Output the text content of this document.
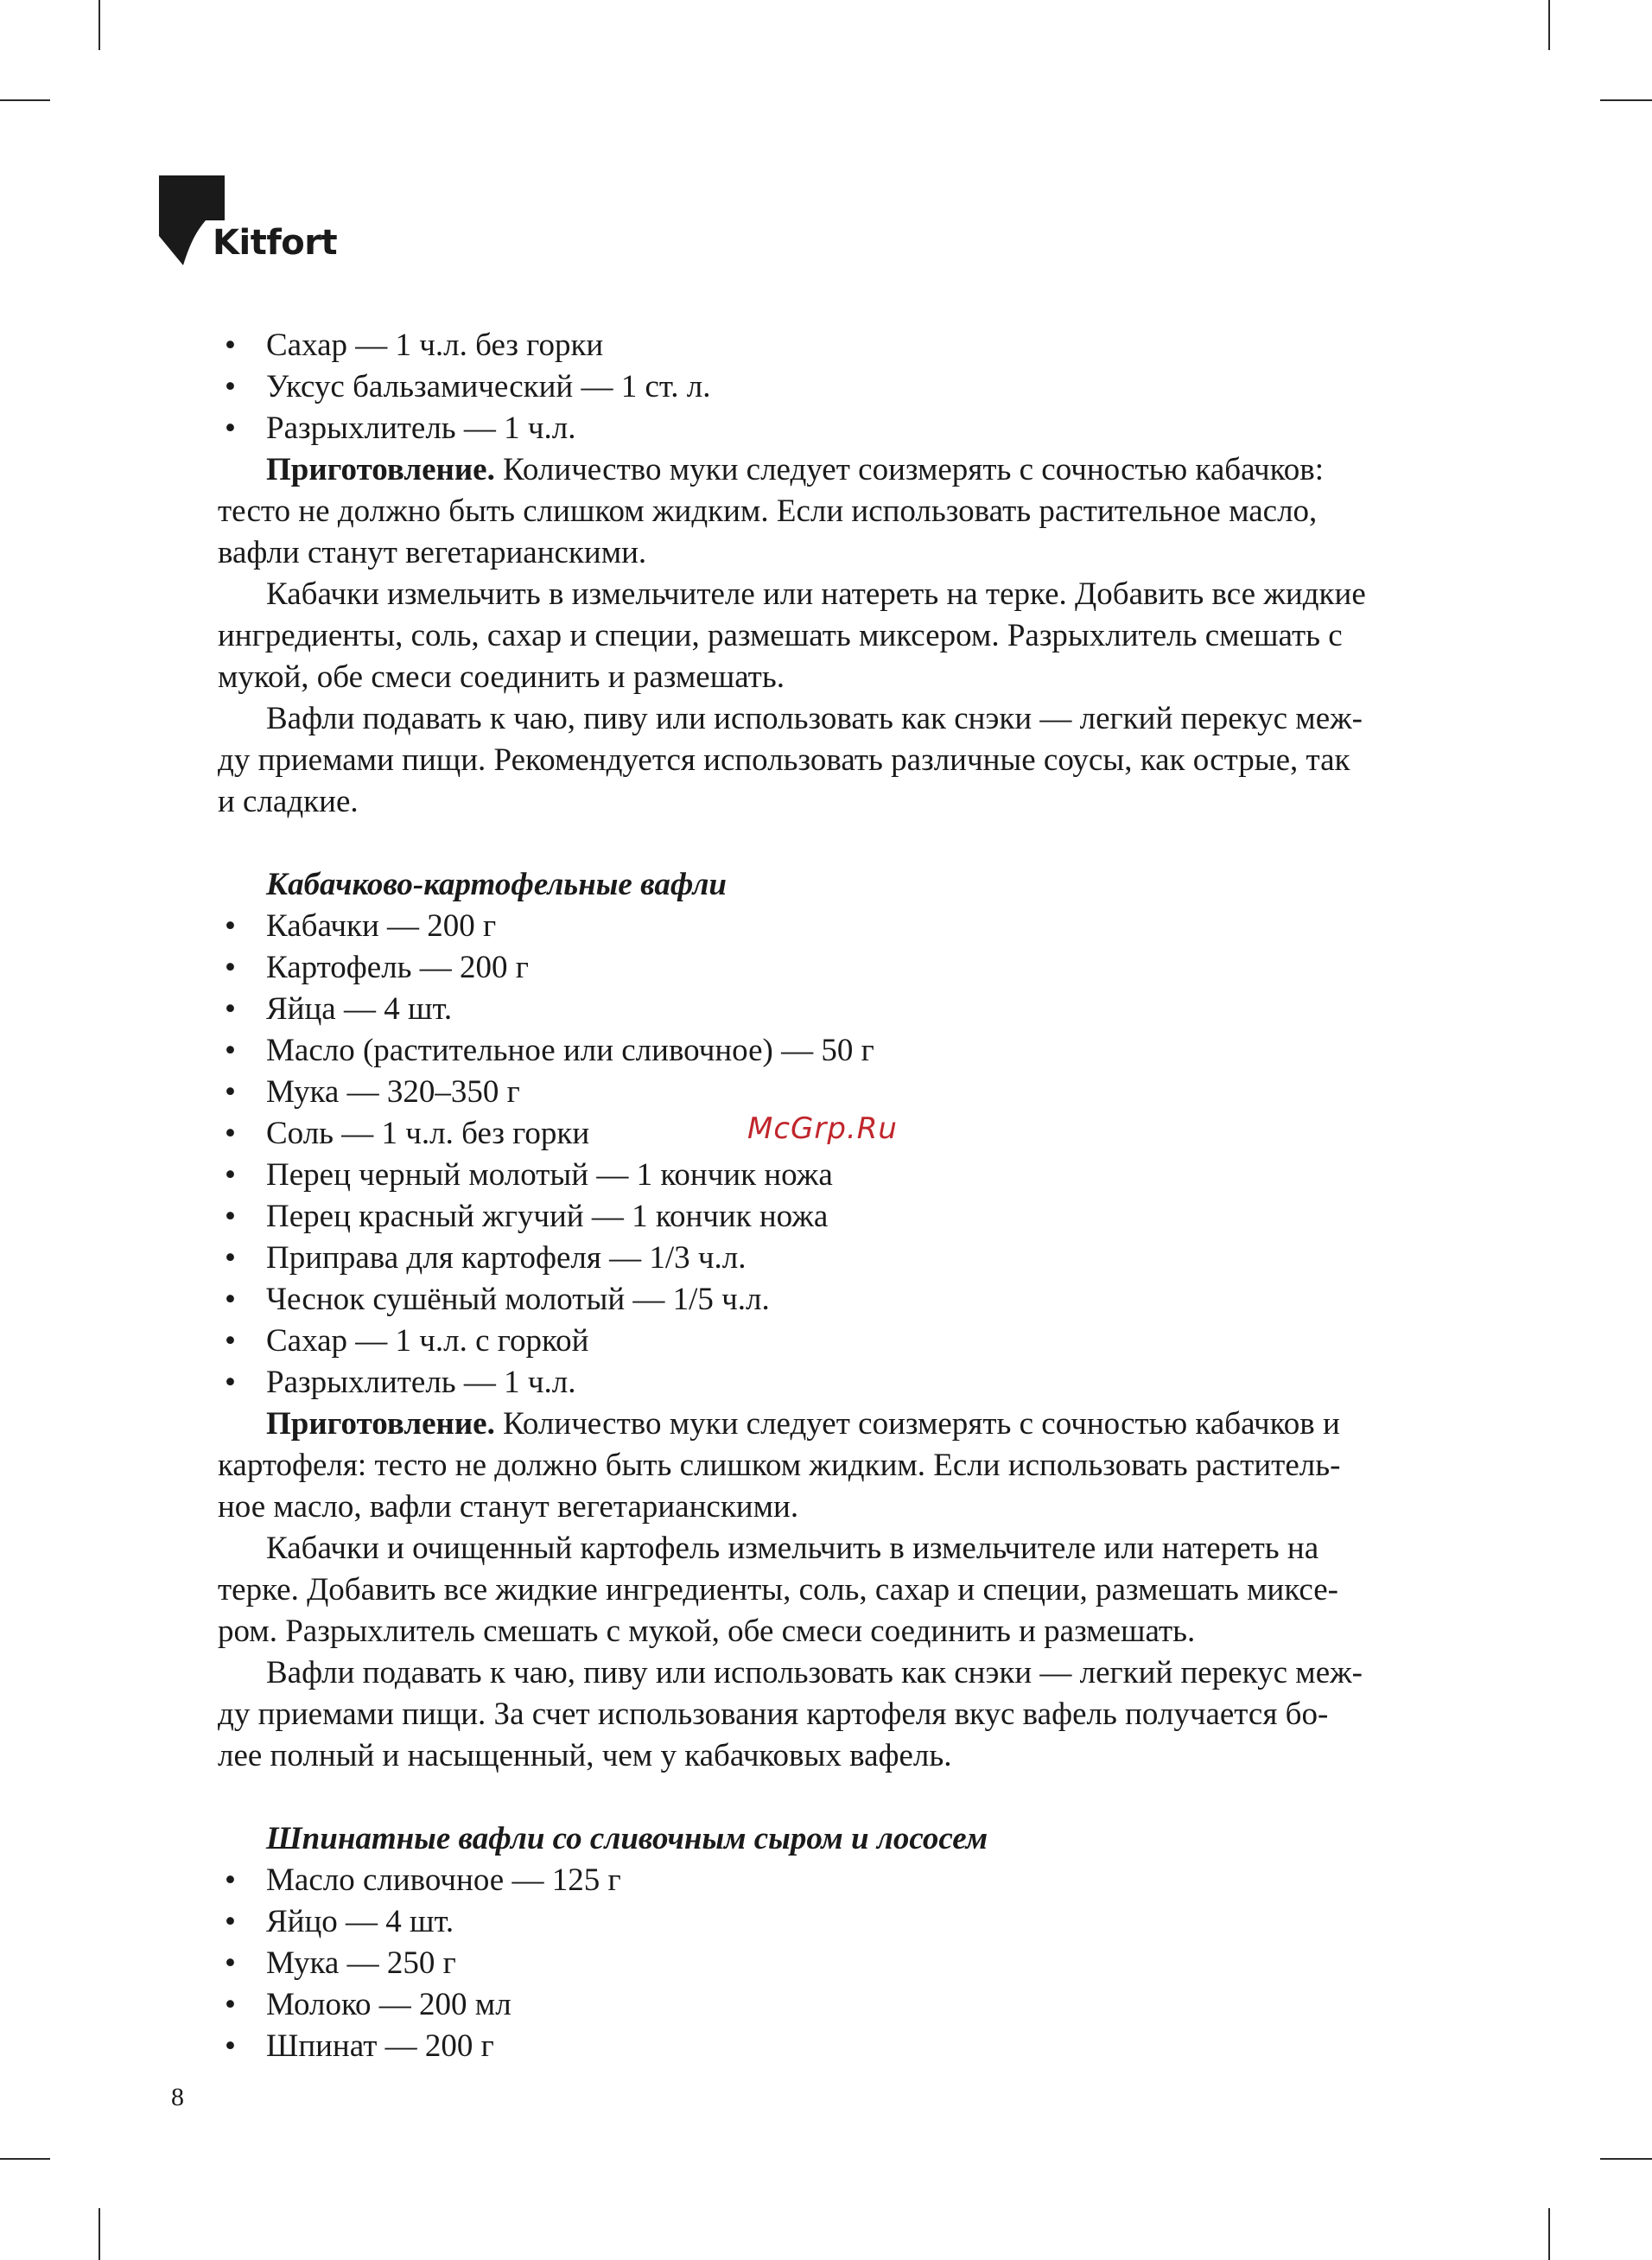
Kitfort
• Сахар — 1 ч.л. без горки
• Уксус бальзамический — 1 ст. л.
• Разрыхлитель — 1 ч.л.
Приготовление. Количество муки следует соизмерять с сочностью кабачков:
тесто не должно быть слишком жидким. Если использовать растительное масло,
вафли станут вегетарианскими.
Кабачки измельчить в измельчителе или натереть на терке. Добавить все жидкие
ингредиенты, соль, сахар и специи, размешать миксером. Разрыхлитель смешать с
мукой, обе смеси соединить и размешать.
Вафли подавать к чаю, пиву или использовать как снэки — легкий перекус меж-
ду приемами пищи. Рекомендуется использовать различные соусы, как острые, так
и сладкие.
Кабачково-картофельные вафли
• Кабачки — 200 г
• Картофель — 200 г
• Яйца — 4 шт.
• Масло (растительное или сливочное) — 50 г
• Мука — 320–350 г
• Соль — 1 ч.л. без горки
• Перец черный молотый — 1 кончик ножа
• Перец красный жгучий — 1 кончик ножа
• Приправа для картофеля — 1/3 ч.л.
• Чеснок сушёный молотый — 1/5 ч.л.
• Сахар — 1 ч.л. с горкой
• Разрыхлитель — 1 ч.л.
Приготовление. Количество муки следует соизмерять с сочностью кабачков и
картофеля: тесто не должно быть слишком жидким. Если использовать раститель-
ное масло, вафли станут вегетарианскими.
Кабачки и очищенный картофель измельчить в измельчителе или натереть на
терке. Добавить все жидкие ингредиенты, соль, сахар и специи, размешать миксе-
ром. Разрыхлитель смешать с мукой, обе смеси соединить и размешать.
Вафли подавать к чаю, пиву или использовать как снэки — легкий перекус меж-
ду приемами пищи. За счет использования картофеля вкус вафель получается бо-
лее полный и насыщенный, чем у кабачковых вафель.
Шпинатные вафли со сливочным сыром и лососем
• Масло сливочное — 125 г
• Яйцо — 4 шт.
• Мука — 250 г
• Молоко — 200 мл
• Шпинат — 200 г
McGrp.Ru
8
